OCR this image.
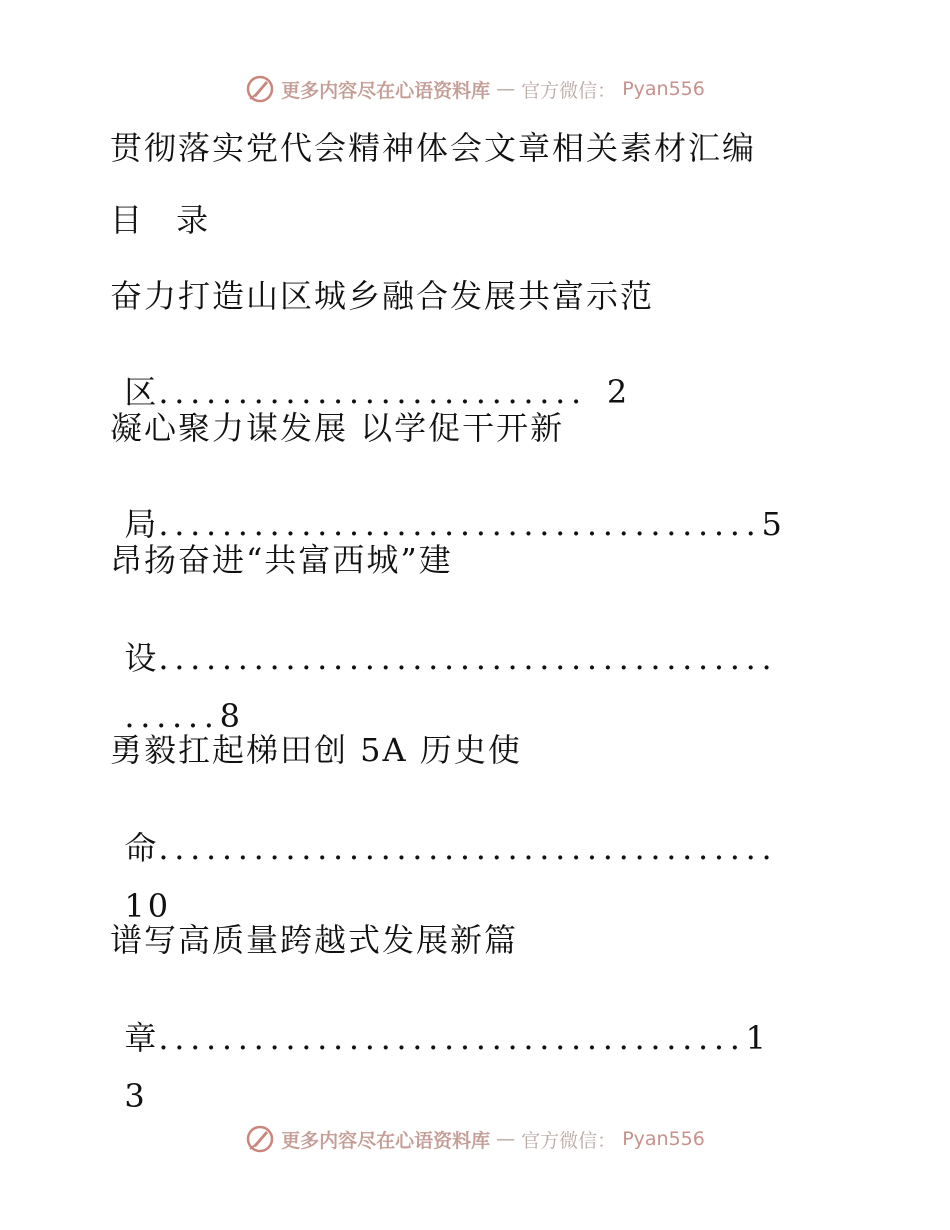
更多内容尽在心语资料库 — 官方微信： Pyan556
贯彻落实党代会精神体会文章相关素材汇编
目 录
奋力打造山区城乡融合发展共富示范

区........................... 2

凝心聚力谋发展 以学促干开新

局......................................5

昂扬奋进“共富西城”建

设.......................................

......8

勇毅扛起梯田创 5A 历史使

命.......................................

10

谱写高质量跨越式发展新篇

章.....................................1

3

更多内容尽在心语资料库 — 官方微信： Pyan556
